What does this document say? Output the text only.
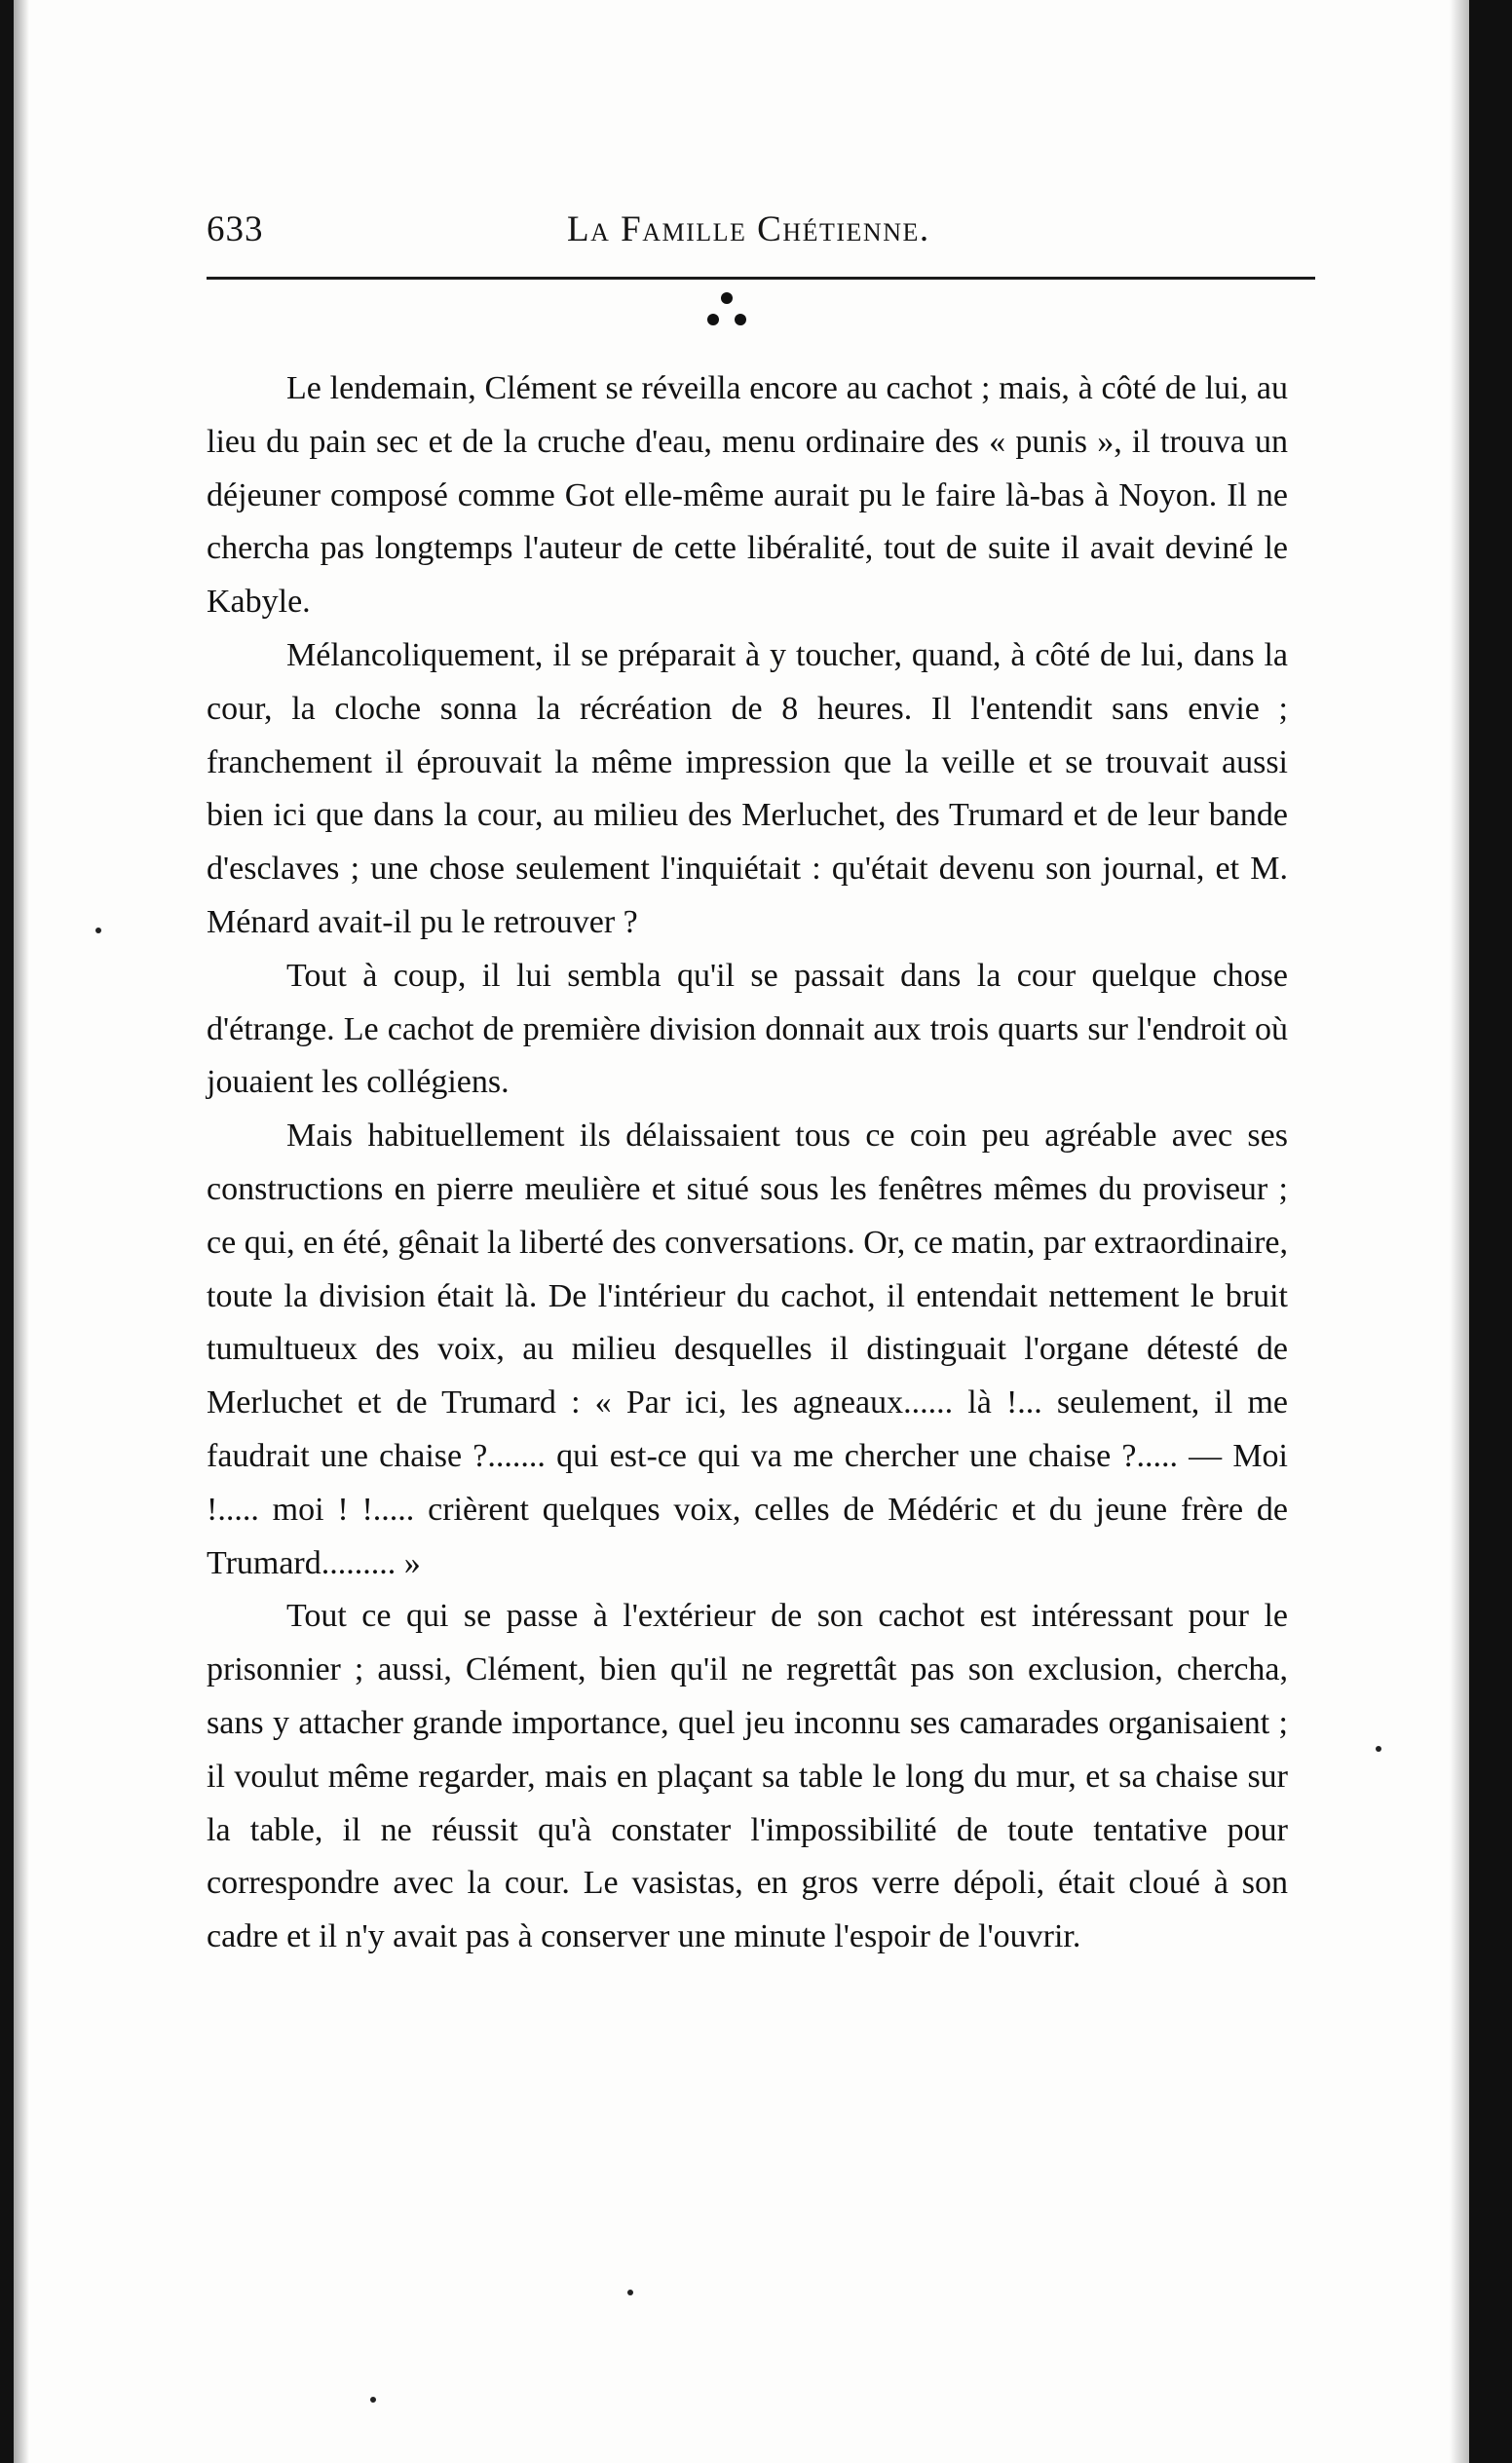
633	La Famille Chétienne.

Le lendemain, Clément se réveilla encore au cachot ; mais, à côté de lui, au lieu du pain sec et de la cruche d'eau, menu ordinaire des « punis », il trouva un déjeuner composé comme Got elle-même aurait pu le faire là-bas à Noyon. Il ne chercha pas longtemps l'auteur de cette libéralité, tout de suite il avait deviné le Kabyle.

Mélancoliquement, il se préparait à y toucher, quand, à côté de lui, dans la cour, la cloche sonna la récréation de 8 heures. Il l'entendit sans envie ; franchement il éprouvait la même impression que la veille et se trouvait aussi bien ici que dans la cour, au milieu des Merluchet, des Trumard et de leur bande d'esclaves ; une chose seulement l'inquiétait : qu'était devenu son journal, et M. Ménard avait-il pu le retrouver ?

Tout à coup, il lui sembla qu'il se passait dans la cour quelque chose d'étrange. Le cachot de première division donnait aux trois quarts sur l'endroit où jouaient les collégiens.

Mais habituellement ils délaissaient tous ce coin peu agréable avec ses constructions en pierre meulière et situé sous les fenêtres mêmes du proviseur ; ce qui, en été, gênait la liberté des conversations. Or, ce matin, par extraordinaire, toute la division était là. De l'intérieur du cachot, il entendait nettement le bruit tumultueux des voix, au milieu desquelles il distinguait l'organe détesté de Merluchet et de Trumard : « Par ici, les agneaux...... là !... seulement, il me faudrait une chaise ?....... qui est-ce qui va me chercher une chaise ?..... — Moi !..... moi ! !..... crièrent quelques voix, celles de Médéric et du jeune frère de Trumard......... »

Tout ce qui se passe à l'extérieur de son cachot est intéressant pour le prisonnier ; aussi, Clément, bien qu'il ne regrettât pas son exclusion, chercha, sans y attacher grande importance, quel jeu inconnu ses camarades organisaient ; il voulut même regarder, mais en plaçant sa table le long du mur, et sa chaise sur la table, il ne réussit qu'à constater l'impossibilité de toute tentative pour correspondre avec la cour. Le vasistas, en gros verre dépoli, était cloué à son cadre et il n'y avait pas à conserver une minute l'espoir de l'ouvrir.
